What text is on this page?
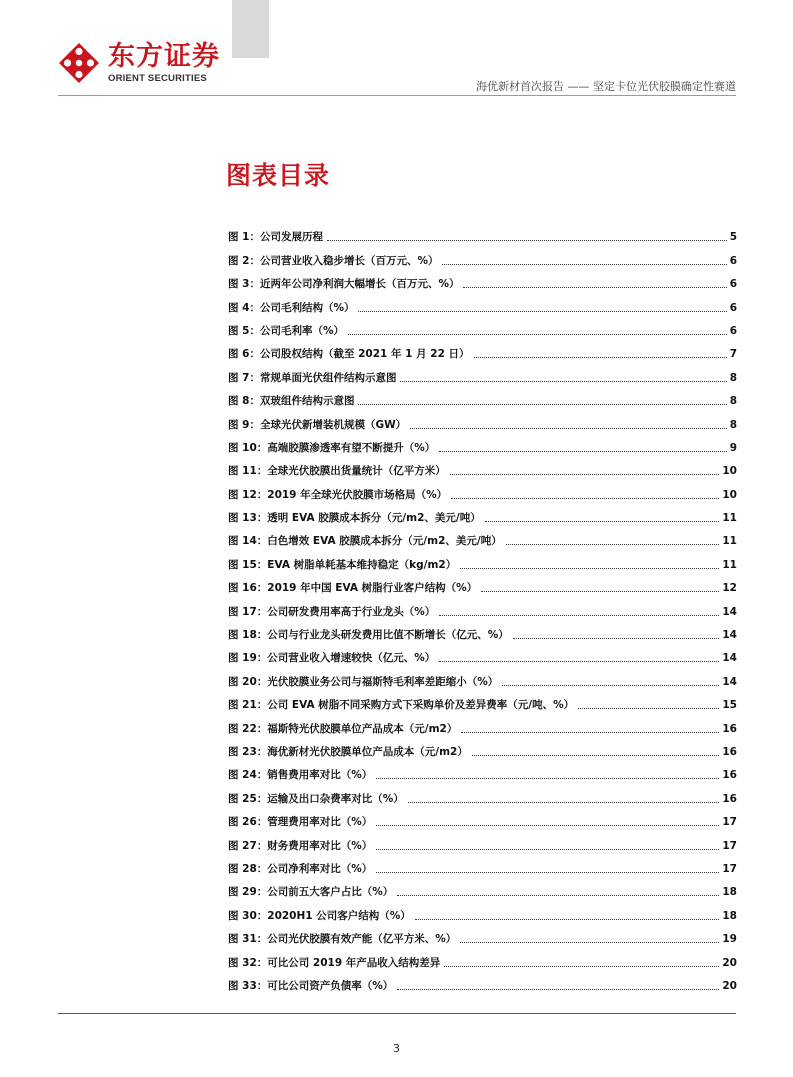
东方证券
ORIENT SECURITIES
海优新材首次报告 —— 坚定卡位光伏胶膜确定性赛道
图表目录
图 1：公司发展历程	5
图 2：公司营业收入稳步增长（百万元、%）	6
图 3：近两年公司净利润大幅增长（百万元、%）	6
图 4：公司毛利结构（%）	6
图 5：公司毛利率（%）	6
图 6：公司股权结构（截至 2021 年 1 月 22 日）	7
图 7：常规单面光伏组件结构示意图	8
图 8：双玻组件结构示意图	8
图 9：全球光伏新增装机规模（GW）	8
图 10：高端胶膜渗透率有望不断提升（%）	9
图 11：全球光伏胶膜出货量统计（亿平方米）	10
图 12：2019 年全球光伏胶膜市场格局（%）	10
图 13：透明 EVA 胶膜成本拆分（元/m2、美元/吨）	11
图 14：白色增效 EVA 胶膜成本拆分（元/m2、美元/吨）	11
图 15：EVA 树脂单耗基本维持稳定（kg/m2）	11
图 16：2019 年中国 EVA 树脂行业客户结构（%）	12
图 17：公司研发费用率高于行业龙头（%）	14
图 18：公司与行业龙头研发费用比值不断增长（亿元、%）	14
图 19：公司营业收入增速较快（亿元、%）	14
图 20：光伏胶膜业务公司与福斯特毛利率差距缩小（%）	14
图 21：公司 EVA 树脂不同采购方式下采购单价及差异费率（元/吨、%）	15
图 22：福斯特光伏胶膜单位产品成本（元/m2）	16
图 23：海优新材光伏胶膜单位产品成本（元/m2）	16
图 24：销售费用率对比（%）	16
图 25：运输及出口杂费率对比（%）	16
图 26：管理费用率对比（%）	17
图 27：财务费用率对比（%）	17
图 28：公司净利率对比（%）	17
图 29：公司前五大客户占比（%）	18
图 30：2020H1 公司客户结构（%）	18
图 31：公司光伏胶膜有效产能（亿平方米、%）	19
图 32：可比公司 2019 年产品收入结构差异	20
图 33：可比公司资产负债率（%）	20
3
